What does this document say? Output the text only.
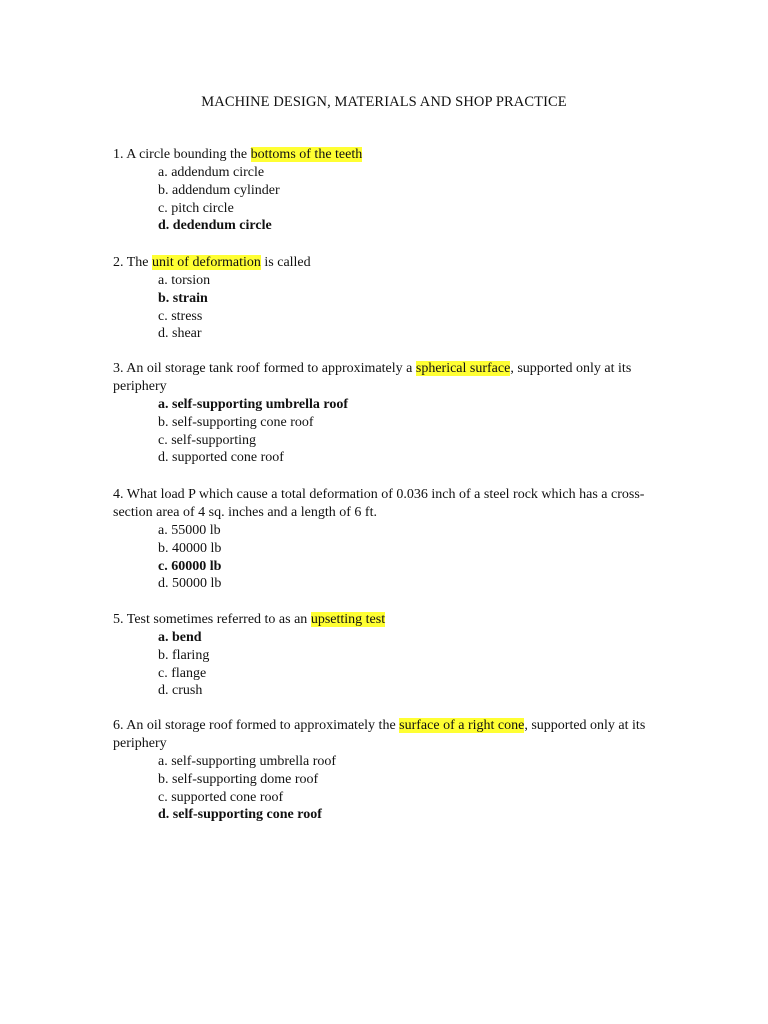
MACHINE DESIGN, MATERIALS AND SHOP PRACTICE
1. A circle bounding the bottoms of the teeth
a. addendum circle
b. addendum cylinder
c. pitch circle
d. dedendum circle
2. The unit of deformation is called
a. torsion
b. strain
c. stress
d. shear
3. An oil storage tank roof formed to approximately a spherical surface, supported only at its periphery
a. self-supporting umbrella roof
b. self-supporting cone roof
c. self-supporting
d. supported cone roof
4. What load P which cause a total deformation of 0.036 inch of a steel rock which has a cross-section area of 4 sq. inches and a length of 6 ft.
a. 55000 lb
b. 40000 lb
c. 60000 lb
d. 50000 lb
5. Test sometimes referred to as an upsetting test
a. bend
b. flaring
c. flange
d. crush
6. An oil storage roof formed to approximately the surface of a right cone, supported only at its periphery
a. self-supporting umbrella roof
b. self-supporting dome roof
c. supported cone roof
d. self-supporting cone roof
